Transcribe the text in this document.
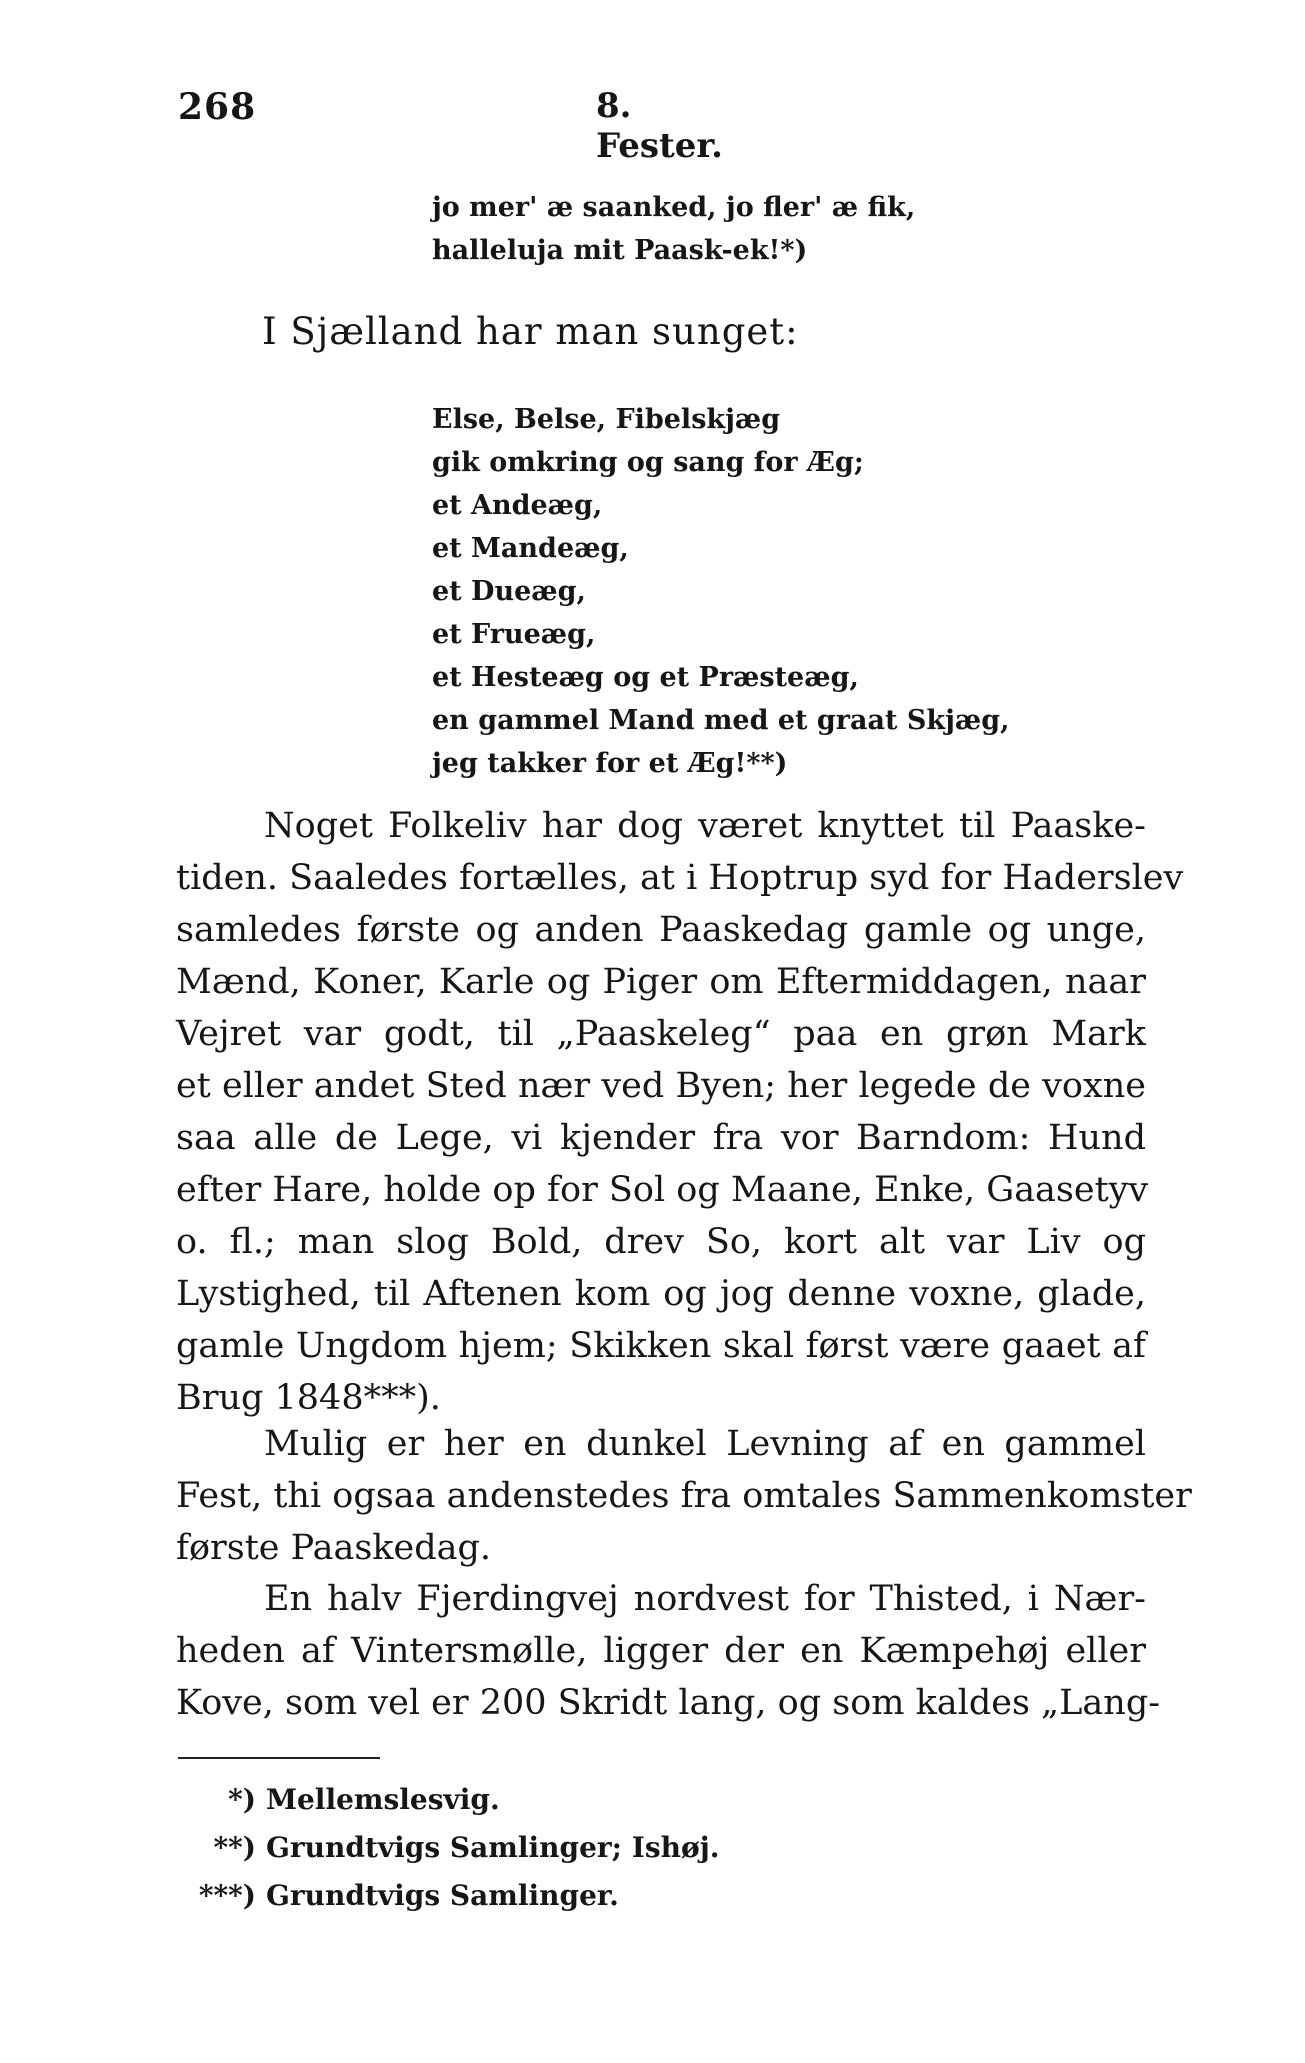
268	8. Fester.
jo mer' æ saanked, jo fler' æ fik,
halleluja mit Paask-ek!*)
I Sjælland har man sunget:
Else, Belse, Fibelskjæg
gik omkring og sang for Æg;
et Andeæg,
et Mandeæg,
et Dueæg,
et Frueæg,
et Hesteæg og et Præsteæg,
en gammel Mand med et graat Skjæg,
jeg takker for et Æg!**)
Noget Folkeliv har dog været knyttet til Paaske-
tiden. Saaledes fortælles, at i Hoptrup syd for Haderslev
samledes første og anden Paaskedag gamle og unge,
Mænd, Koner, Karle og Piger om Eftermiddagen, naar
Vejret var godt, til „Paaskeleg“ paa en grøn Mark
et eller andet Sted nær ved Byen; her legede de voxne
saa alle de Lege, vi kjender fra vor Barndom: Hund
efter Hare, holde op for Sol og Maane, Enke, Gaasetyv
o. fl.; man slog Bold, drev So, kort alt var Liv og
Lystighed, til Aftenen kom og jog denne voxne, glade,
gamle Ungdom hjem; Skikken skal først være gaaet af
Brug 1848***).
Mulig er her en dunkel Levning af en gammel
Fest, thi ogsaa andenstedes fra omtales Sammenkomster
første Paaskedag.
En halv Fjerdingvej nordvest for Thisted, i Nær-
heden af Vintersmølle, ligger der en Kæmpehøj eller
Kove, som vel er 200 Skridt lang, og som kaldes „Lang-
*) Mellemslesvig.
**) Grundtvigs Samlinger; Ishøj.
***) Grundtvigs Samlinger.
